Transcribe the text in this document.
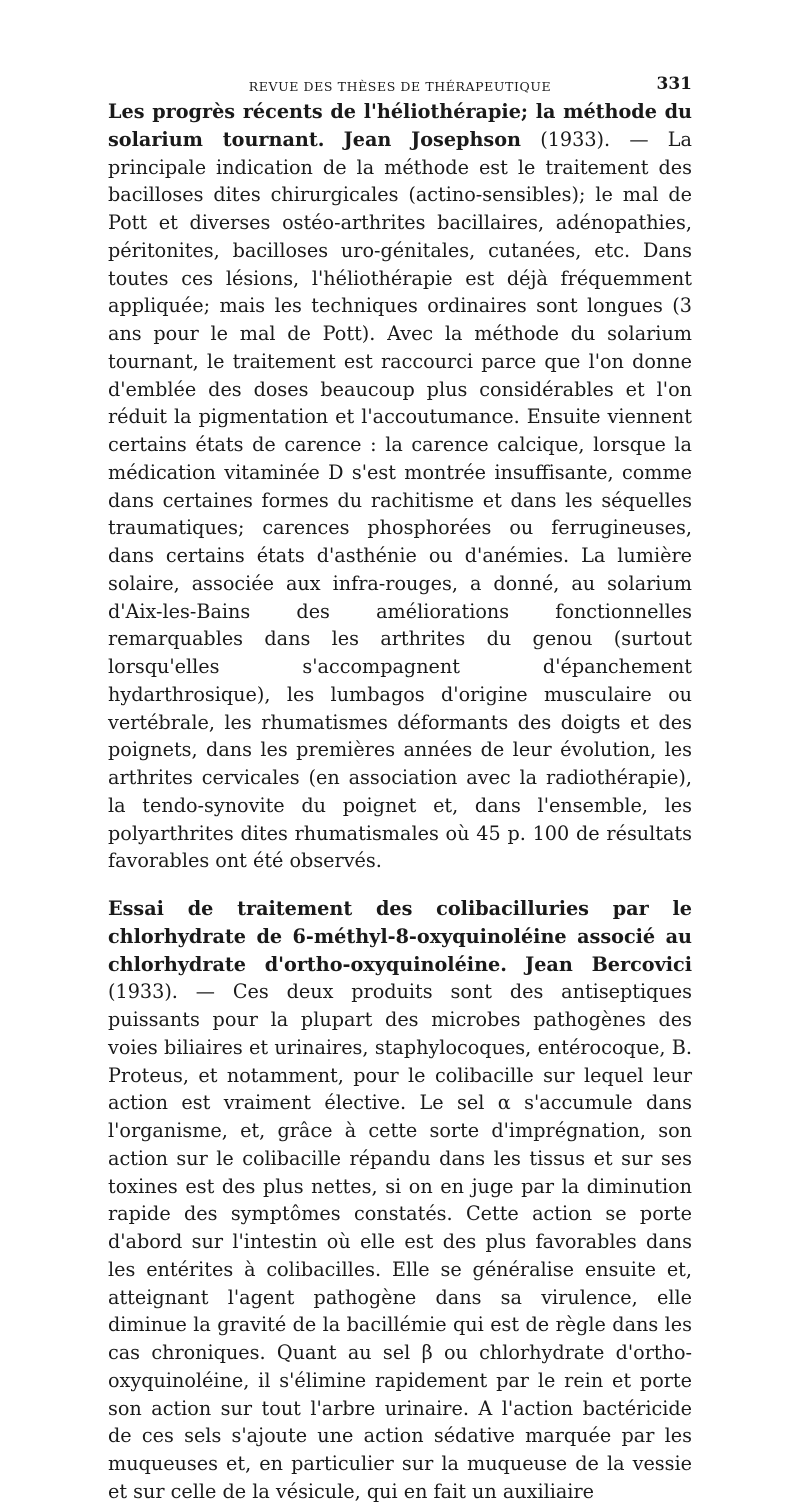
REVUE DES THÈSES DE THÉRAPEUTIQUE	331

Les progrès récents de l'héliothérapie; la méthode du solarium tournant. Jean Josephson (1933). — La principale indication de la méthode est le traitement des bacilloses dites chirurgicales (actino-sensibles); le mal de Pott et diverses ostéo-arthrites bacillaires, adénopathies, péritonites, bacilloses uro-génitales, cutanées, etc. Dans toutes ces lésions, l'héliothérapie est déjà fréquemment appliquée; mais les techniques ordinaires sont longues (3 ans pour le mal de Pott). Avec la méthode du solarium tournant, le traitement est raccourci parce que l'on donne d'emblée des doses beaucoup plus considérables et l'on réduit la pigmentation et l'accoutumance. Ensuite viennent certains états de carence : la carence calcique, lorsque la médication vitaminée D s'est montrée insuffisante, comme dans certaines formes du rachitisme et dans les séquelles traumatiques; carences phosphorées ou ferrugineuses, dans certains états d'asthénie ou d'anémies. La lumière solaire, associée aux infra-rouges, a donné, au solarium d'Aix-les-Bains des améliorations fonctionnelles remarquables dans les arthrites du genou (surtout lorsqu'elles s'accompagnent d'épanchement hydarthrosique), les lumbagos d'origine musculaire ou vertébrale, les rhumatismes déformants des doigts et des poignets, dans les premières années de leur évolution, les arthrites cervicales (en association avec la radiothérapie), la tendo-synovite du poignet et, dans l'ensemble, les polyarthrites dites rhumatismales où 45 p. 100 de résultats favorables ont été observés.

Essai de traitement des colibacilluries par le chlorhydrate de 6-méthyl-8-oxyquinoléine associé au chlorhydrate d'ortho-oxyquinoléine. Jean Bercovici (1933). — Ces deux produits sont des antiseptiques puissants pour la plupart des microbes pathogènes des voies biliaires et urinaires, staphylocoques, entérocoque, B. Proteus, et notamment, pour le colibacille sur lequel leur action est vraiment élective. Le sel α s'accumule dans l'organisme, et, grâce à cette sorte d'imprégnation, son action sur le colibacille répandu dans les tissus et sur ses toxines est des plus nettes, si on en juge par la diminution rapide des symptômes constatés. Cette action se porte d'abord sur l'intestin où elle est des plus favorables dans les entérites à colibacilles. Elle se généralise ensuite et, atteignant l'agent pathogène dans sa virulence, elle diminue la gravité de la bacillémie qui est de règle dans les cas chroniques. Quant au sel β ou chlorhydrate d'ortho-oxyquinoléine, il s'élimine rapidement par le rein et porte son action sur tout l'arbre urinaire. A l'action bactéricide de ces sels s'ajoute une action sédative marquée par les muqueuses et, en particulier sur la muqueuse de la vessie et sur celle de la vésicule, qui en fait un auxiliaire
